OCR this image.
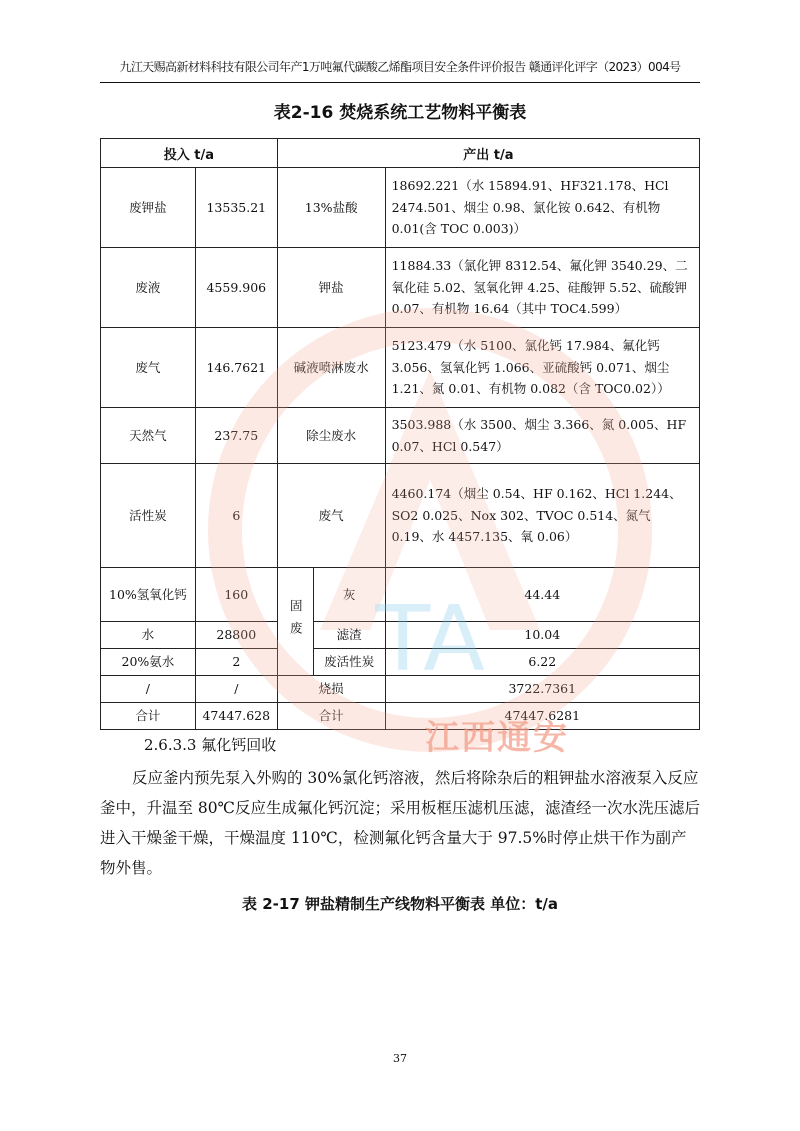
九江天赐高新材料科技有限公司年产1万吨氟代碳酸乙烯酯项目安全条件评价报告 赣通评化评字（2023）004号
表2-16 焚烧系统工艺物料平衡表
投入 t/a		产出 t/a		
废钾盐	13535.21	13%盐酸		18692.221（水 15894.91、HF321.178、HCl 2474.501、烟尘 0.98、氯化铵 0.642、有机物 0.01(含 TOC 0.003)）
废液	4559.906	钾盐		11884.33（氯化钾 8312.54、氟化钾 3540.29、二氧化硅 5.02、氢氧化钾 4.25、硅酸钾 5.52、硫酸钾 0.07、有机物 16.64（其中 TOC4.599）
废气	146.7621	碱液喷淋废水		5123.479（水 5100、氯化钙 17.984、氟化钙 3.056、氢氧化钙 1.066、亚硫酸钙 0.071、烟尘 1.21、氮 0.01、有机物 0.082（含 TOC0.02））
天然气	237.75	除尘废水		3503.988（水 3500、烟尘 3.366、氮 0.005、HF 0.07、HCl 0.547）
活性炭	6	废气		4460.174（烟尘 0.54、HF 0.162、HCl 1.244、SO2 0.025、Nox 302、TVOC 0.514、氮气 0.19、水 4457.135、氧 0.06）
10%氢氧化钙	160	固废	灰	44.44
水	28800		滤渣	10.04
20%氨水	2		废活性炭	6.22
/	/	烧损		3722.7361
合计	47447.628	合计		47447.6281
2.6.3.3 氟化钙回收

反应釜内预先泵入外购的 30%氯化钙溶液，然后将除杂后的粗钾盐水溶液泵入反应釜中，升温至 80℃反应生成氟化钙沉淀；采用板框压滤机压滤，滤渣经一次水洗压滤后进入干燥釜干燥，干燥温度 110℃，检测氟化钙含量大于 97.5%时停止烘干作为副产物外售。

表 2-17 钾盐精制生产线物料平衡表 单位：t/a
37
TA
江西通安
